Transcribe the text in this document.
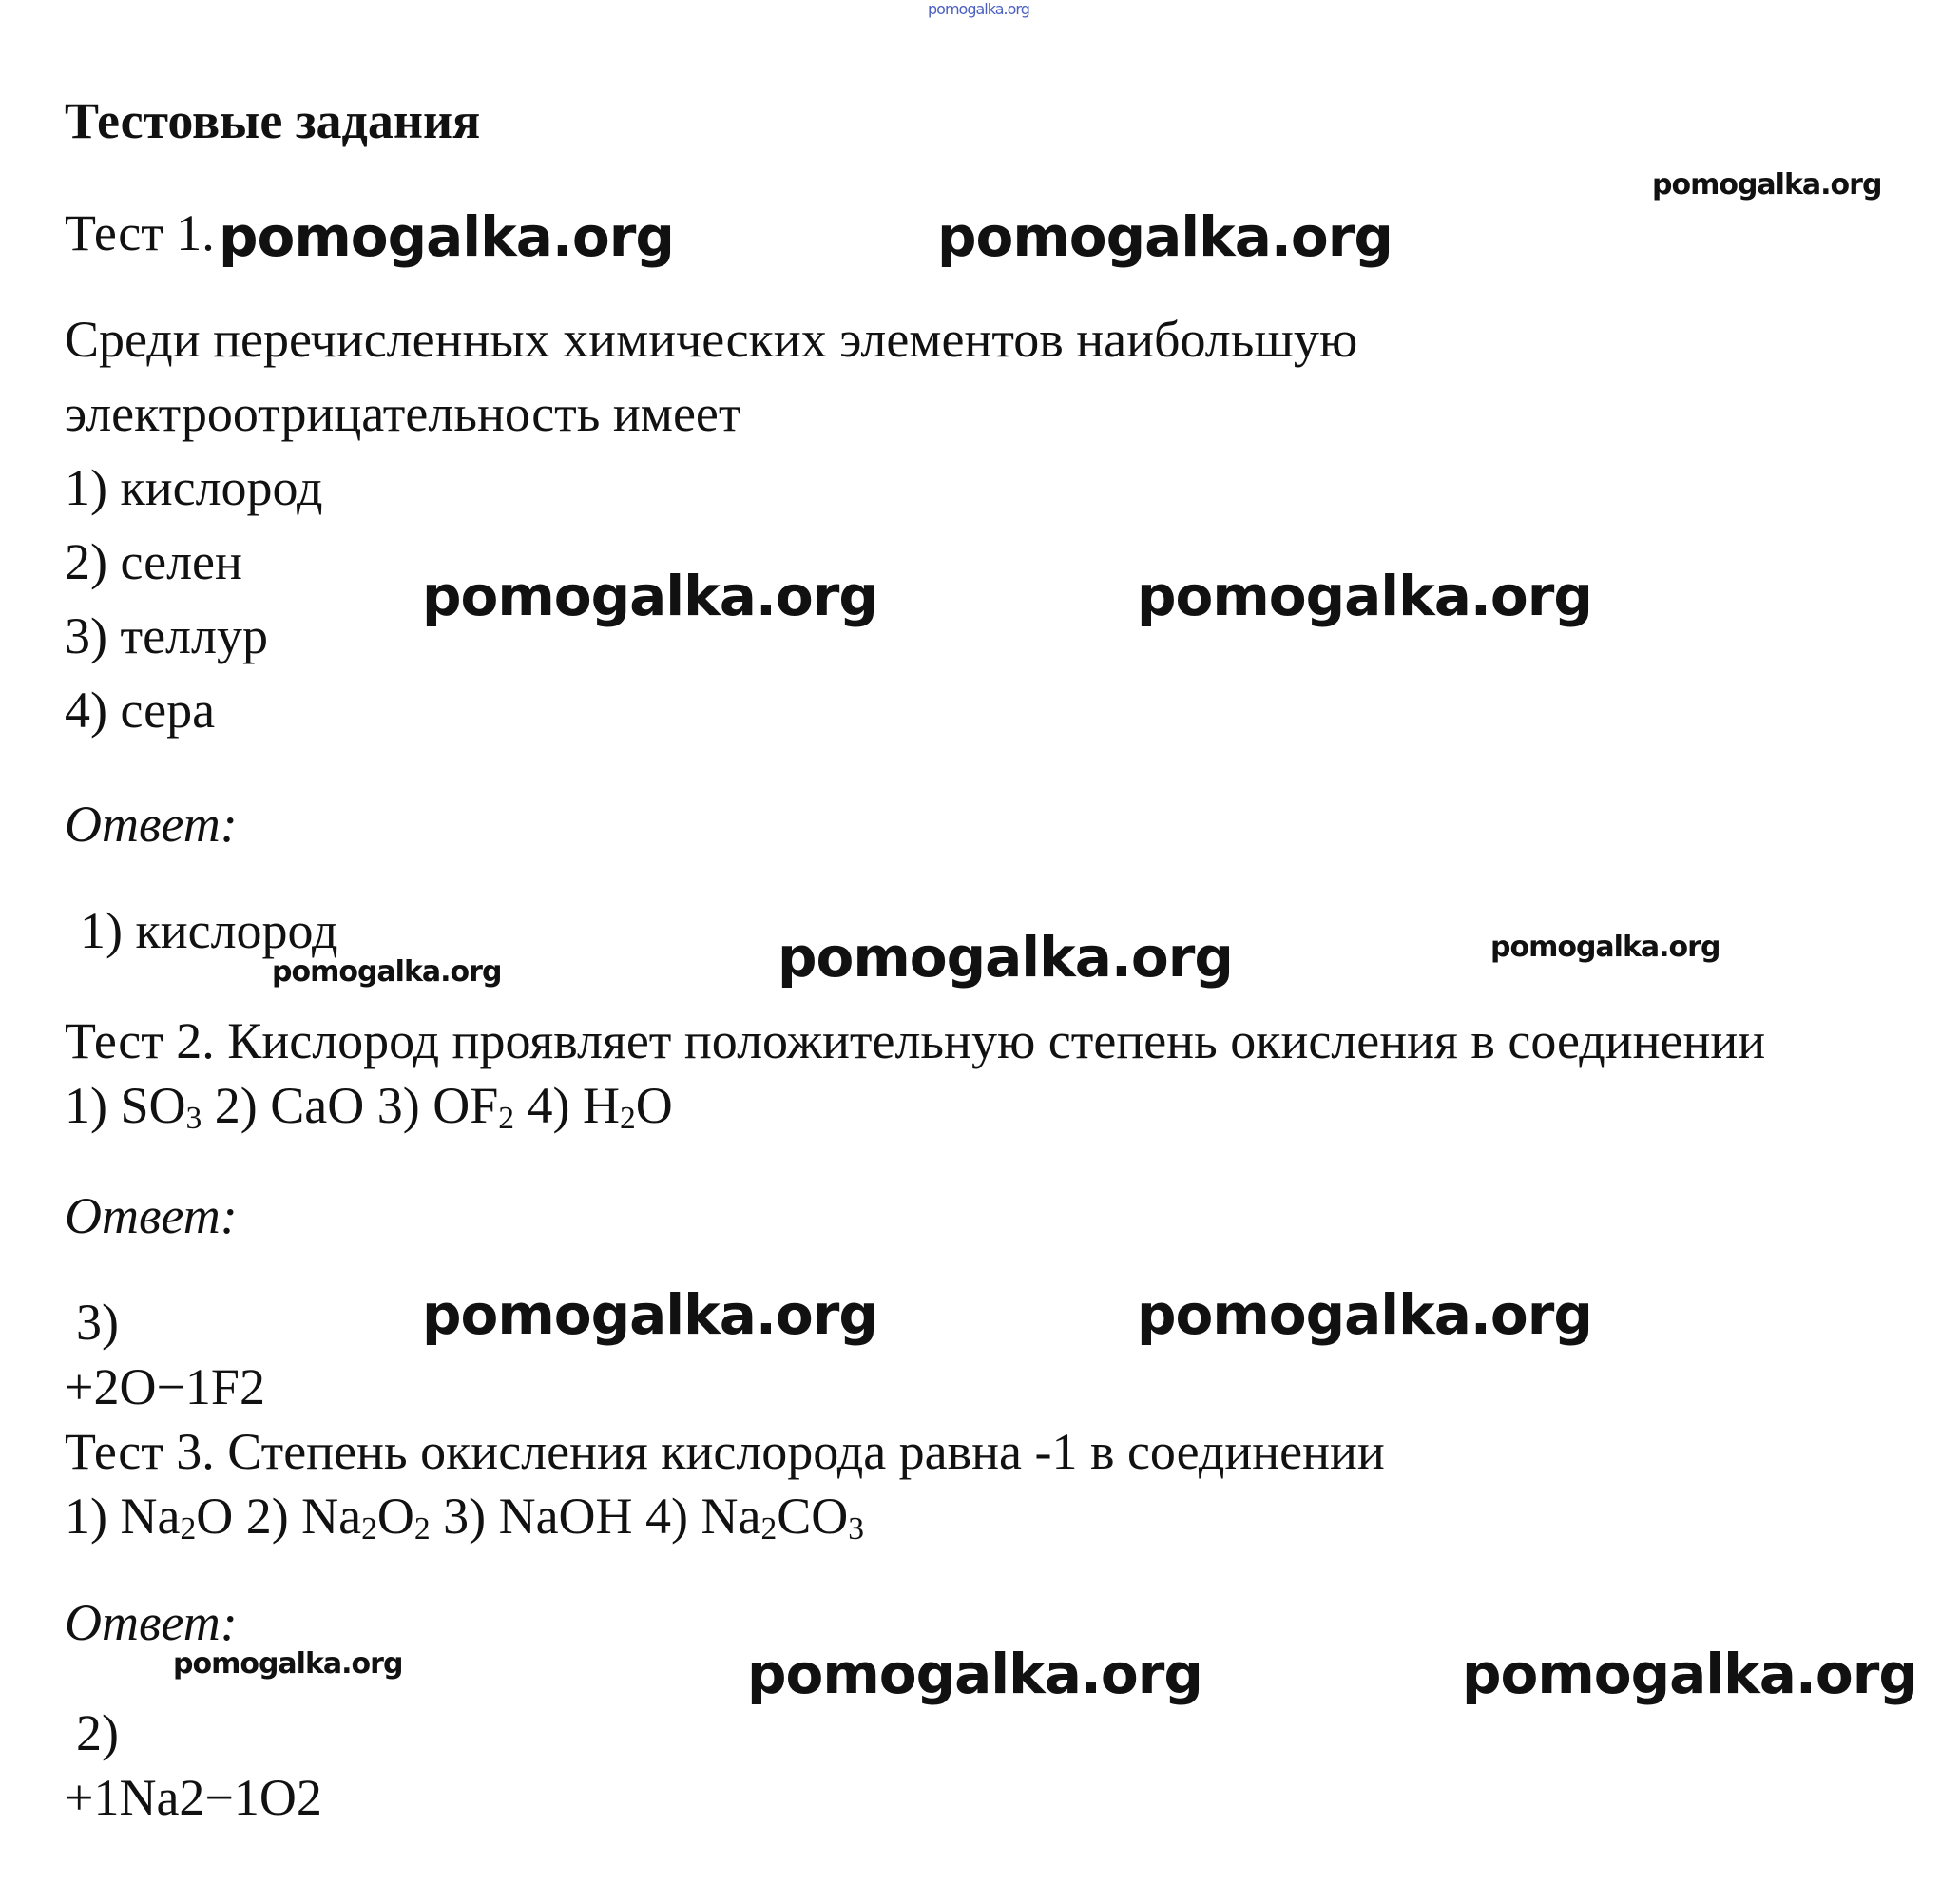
pomogalka.org
Тестовые задания
Тест 1.
Среди перечисленных химических элементов наибольшую
электроотрицательность имеет
1) кислород
2) селен
3) теллур
4) сера
Ответ:
1) кислород
Тест 2. Кислород проявляет положительную степень окисления в соединении
1) $SO_3$ 2) CaO 3) $OF_2$ 4) $H_2O$
Ответ:
3)
+2O−1F2
Тест 3. Степень окисления кислорода равна -1 в соединении
1) $Na_2O$ 2) $Na_2O_2$ 3) NaOH 4) $Na_2CO_3$
Ответ:
2)
+1Na2−1O2
pomogalka.org
pomogalka.org	pomogalka.org
pomogalka.org	pomogalka.org
pomogalka.org	pomogalka.org
pomogalka.org
pomogalka.org	pomogalka.org
pomogalka.org	pomogalka.org	pomogalka.org
